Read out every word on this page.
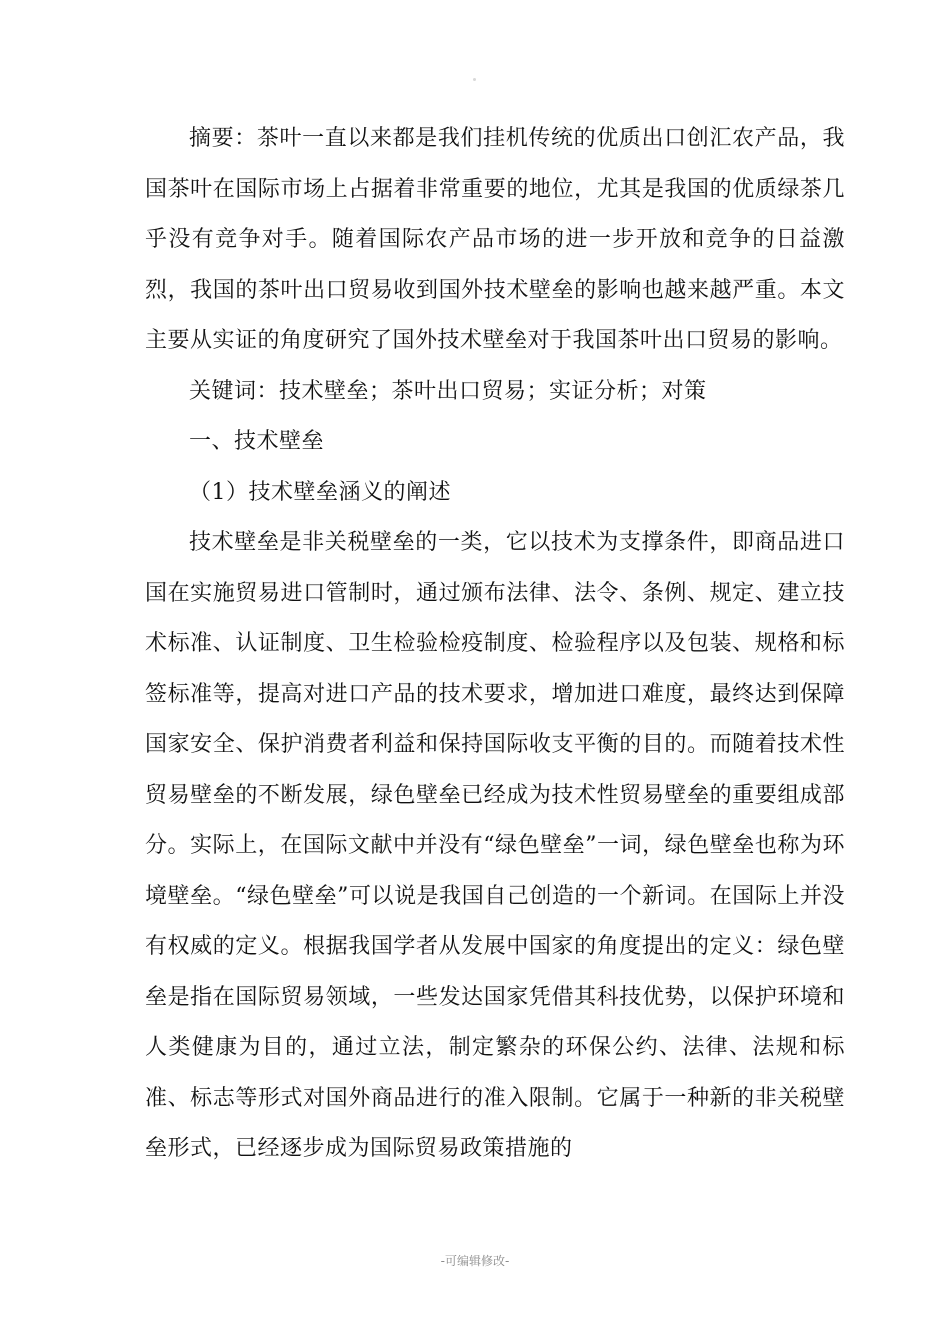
摘要：茶叶一直以来都是我们挂机传统的优质出口创汇农产品，我国茶叶在国际市场上占据着非常重要的地位，尤其是我国的优质绿茶几乎没有竞争对手。随着国际农产品市场的进一步开放和竞争的日益激烈，我国的茶叶出口贸易收到国外技术壁垒的影响也越来越严重。本文主要从实证的角度研究了国外技术壁垒对于我国茶叶出口贸易的影响。

关键词：技术壁垒；茶叶出口贸易；实证分析；对策

一、技术壁垒

（1）技术壁垒涵义的阐述

技术壁垒是非关税壁垒的一类，它以技术为支撑条件，即商品进口国在实施贸易进口管制时，通过颁布法律、法令、条例、规定、建立技术标准、认证制度、卫生检验检疫制度、检验程序以及包装、规格和标签标准等，提高对进口产品的技术要求，增加进口难度，最终达到保障国家安全、保护消费者利益和保持国际收支平衡的目的。而随着技术性贸易壁垒的不断发展，绿色壁垒已经成为技术性贸易壁垒的重要组成部分。实际上，在国际文献中并没有“绿色壁垒”一词，绿色壁垒也称为环境壁垒。“绿色壁垒”可以说是我国自己创造的一个新词。在国际上并没有权威的定义。根据我国学者从发展中国家的角度提出的定义：绿色壁垒是指在国际贸易领域，一些发达国家凭借其科技优势，以保护环境和人类健康为目的，通过立法，制定繁杂的环保公约、法律、法规和标准、标志等形式对国外商品进行的准入限制。它属于一种新的非关税壁垒形式，已经逐步成为国际贸易政策措施的

-可编辑修改-
